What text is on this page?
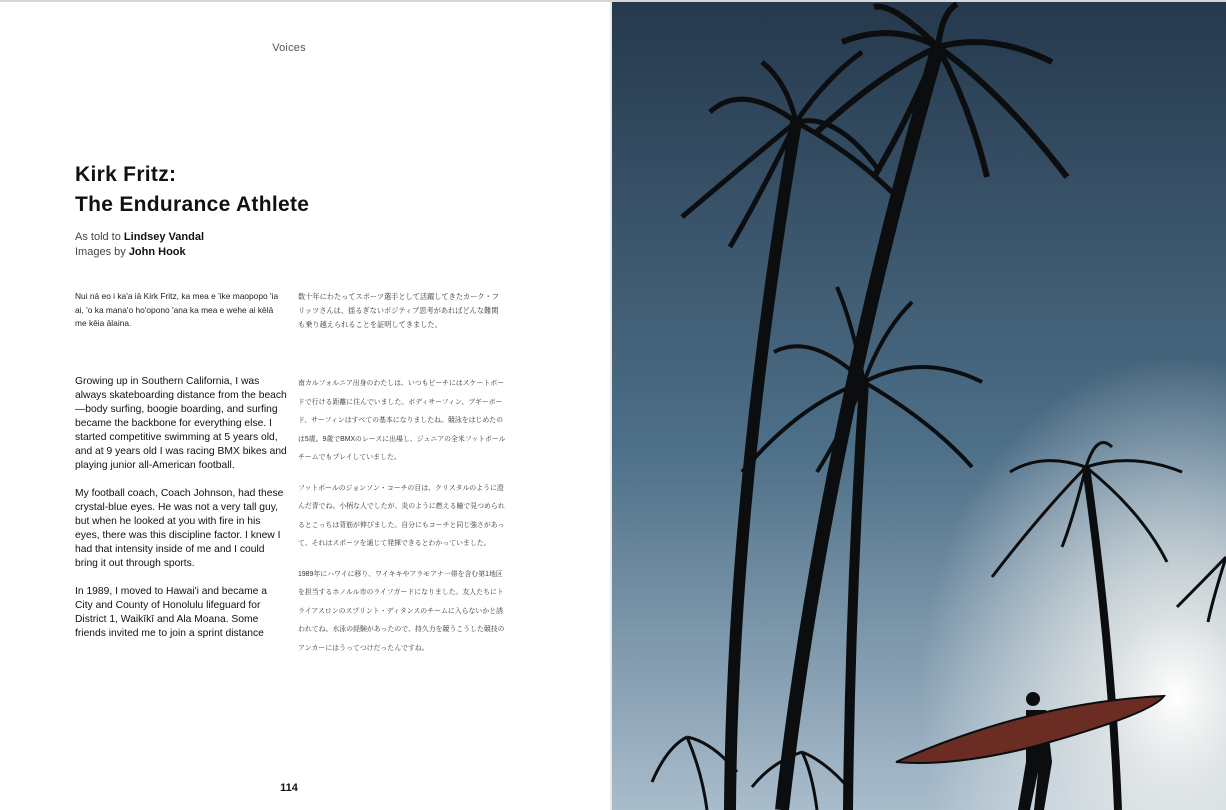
Voices
Kirk Fritz:
The Endurance Athlete
As told to Lindsey Vandal
Images by John Hook
Nui nā eo i ka'a iā Kirk Fritz, ka mea e 'ike maopopo 'ia ai, 'o ka mana'o ho'opono 'ana ka mea e wehe ai kēlā me kēia ālaina.
数十年にわたってスポーツ選手として活躍してきたカーク・フリッツさんは、揺るぎないポジティブ思考があればどんな難関も乗り越えられることを証明してきました。

Growing up in Southern California, I was always skateboarding distance from the beach—body surfing, boogie boarding, and surfing became the backbone for everything else. I started competitive swimming at 5 years old, and at 9 years old I was racing BMX bikes and playing junior all-American football.

My football coach, Coach Johnson, had these crystal-blue eyes. He was not a very tall guy, but when he looked at you with fire in his eyes, there was this discipline factor. I knew I had that intensity inside of me and I could bring it out through sports.

In 1989, I moved to Hawai'i and became a City and County of Honolulu lifeguard for District 1, Waikīkī and Ala Moana. Some friends invited me to join a sprint distance

南カルフォルニア出身のわたしは、いつもビーチにはスケートボードで行ける距離に住んでいました。ボディサーフィン、ブギーボード、サーフィンはすべての基本になりましたね。競泳をはじめたのは5歳。9歳でBMXのレースに出場し、ジュニアの全米フットボールチームでもプレイしていました。

フットボールのジョンソン・コーチの目は、クリスタルのように澄んだ青でね。小柄な人でしたが、炎のように燃える瞳で見つめられるとこっちは背筋が伸びました。自分にもコーチと同じ強さがあって、それはスポーツを通じて発揮できるとわかっていました。

1989年にハワイに移り、ワイキキやアラモアナ一帯を含む第1地区を担当するホノルル市のライフガードになりました。友人たちにトライアスロンのスプリント・ディタンスのチームに入らないかと誘われてね。水泳の経験があったので、持久力を競うこうした競技のアンカーにはうってつけだったんですね。

114
